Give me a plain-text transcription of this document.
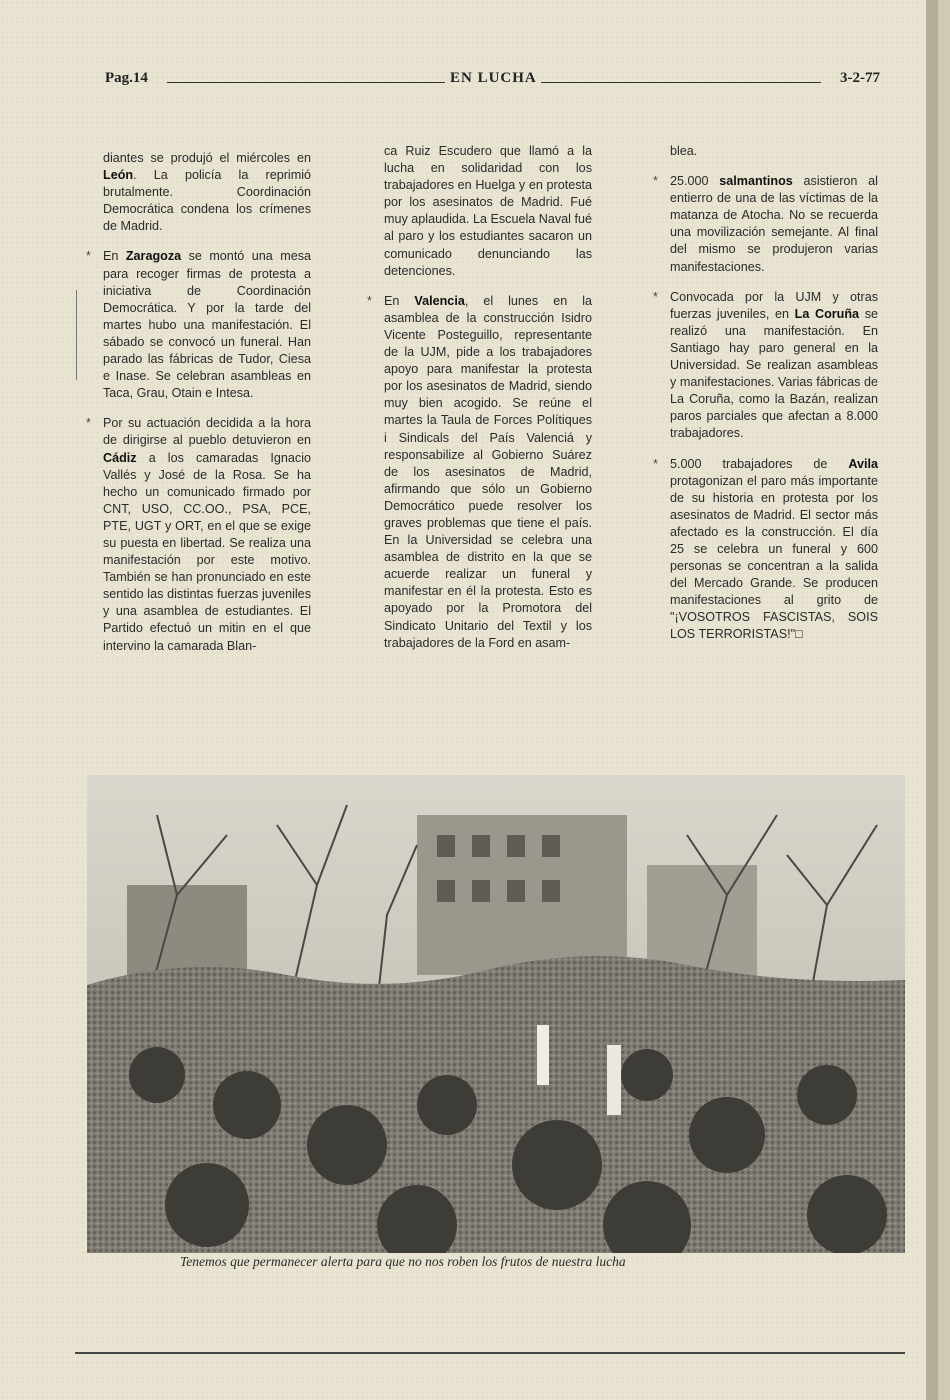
Pag.14	EN LUCHA	3-2-77

diantes se produjó el miércoles en León. La policía la reprimió brutalmente. Coordinación Democrática condena los crímenes de Madrid.

* En Zaragoza se montó una mesa para recoger firmas de protesta a iniciativa de Coordinación Democrática. Y por la tarde del martes hubo una manifestación. El sábado se convocó un funeral. Han parado las fábricas de Tudor, Ciesa e Inase. Se celebran asambleas en Taca, Grau, Otain e Intesa.

* Por su actuación decidida a la hora de dirigirse al pueblo detuvieron en Cádiz a los camaradas Ignacio Vallés y José de la Rosa. Se ha hecho un comunicado firmado por CNT, USO, CC.OO., PSA, PCE, PTE, UGT y ORT, en el que se exige su puesta en libertad. Se realiza una manifestación por este motivo. También se han pronunciado en este sentido las distintas fuerzas juveniles y una asamblea de estudiantes. El Partido efectuó un mitin en el que intervino la camarada Blan-

ca Ruiz Escudero que llamó a la lucha en solidaridad con los trabajadores en Huelga y en protesta por los asesinatos de Madrid. Fué muy aplaudida. La Escuela Naval fué al paro y los estudiantes sacaron un comunicado denunciando las detenciones.

* En Valencia, el lunes en la asamblea de la construcción Isidro Vicente Posteguillo, representante de la UJM, pide a los trabajadores apoyo para manifestar la protesta por los asesinatos de Madrid, siendo muy bien acogido. Se reúne el martes la Taula de Forces Polítiques i Sindicals del País Valenciá y responsabilize al Gobierno Suárez de los asesinatos de Madrid, afirmando que sólo un Gobierno Democrático puede resolver los graves problemas que tiene el país. En la Universidad se celebra una asamblea de distrito en la que se acuerde realizar un funeral y manifestar en él la protesta. Esto es apoyado por la Promotora del Sindicato Unitario del Textil y los trabajadores de la Ford en asam-

blea.

* 25.000 salmantinos asistieron al entierro de una de las víctimas de la matanza de Atocha. No se recuerda una movilización semejante. Al final del mismo se produjeron varias manifestaciones.

* Convocada por la UJM y otras fuerzas juveniles, en La Coruña se realizó una manifestación. En Santiago hay paro general en la Universidad. Se realizan asambleas y manifestaciones. Varias fábricas de La Coruña, como la Bazán, realizan paros parciales que afectan a 8.000 trabajadores.

* 5.000 trabajadores de Avila protagonizan el paro más importante de su historia en protesta por los asesinatos de Madrid. El sector más afectado es la construcción. El día 25 se celebra un funeral y 600 personas se concentran a la salida del Mercado Grande. Se producen manifestaciones al grito de "¡VOSOTROS FASCISTAS, SOIS LOS TERRORISTAS!"□

Tenemos que permanecer alerta para que no nos roben los frutos de nuestra lucha
